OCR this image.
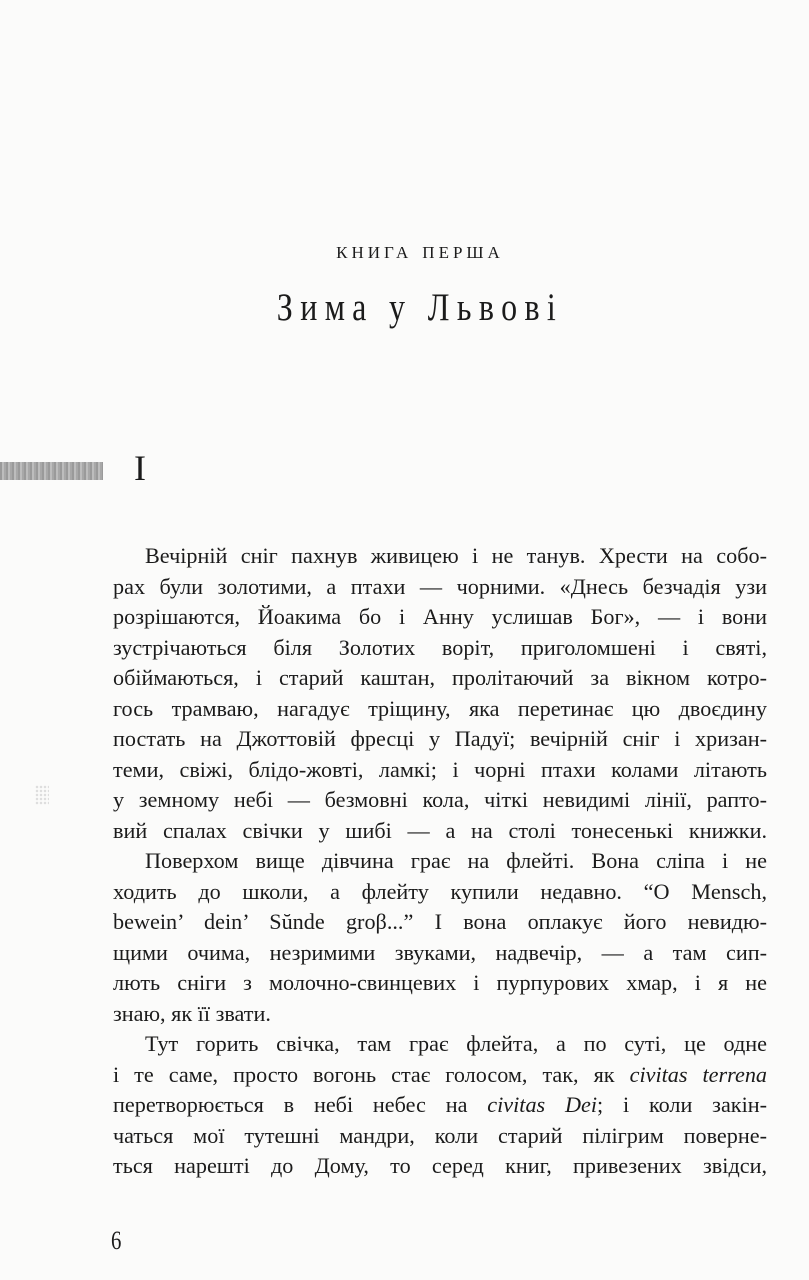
книга перша
Зима у Львові
І

Вечірній сніг пахнув живицею і не танув. Хрести на собо-
рах були золотими, а птахи — чорними. «Днесь безчадія узи
розрішаются, Йоакима бо і Анну услишав Бог», — і вони
зустрічаються біля Золотих воріт, приголомшені і святі,
обіймаються, і старий каштан, пролітаючий за вікном котро-
гось трамваю, нагадує тріщину, яка перетинає цю двоєдину
постать на Джоттовій фресці у Падуї; вечірній сніг і хризан-
теми, свіжі, блідо-жовті, ламкі; і чорні птахи колами літають
у земному небі — безмовні кола, чіткі невидимі лінії, рапто-
вий спалах свічки у шибі — а на столі тонесенькі книжки.

Поверхом вище дівчина грає на флейті. Вона сліпа і не
ходить до школи, а флейту купили недавно. “O Mensch,
bewein’ dein’ Sŭnde groβ...” І вона оплакує його невидю-
щими очима, незримими звуками, надвечір, — а там сип-
лють сніги з молочно-свинцевих і пурпурових хмар, і я не
знаю, як її звати.

Тут горить свічка, там грає флейта, а по суті, це одне
і те саме, просто вогонь стає голосом, так, як civitas terrena
перетворюється в небі небес на civitas Dei; і коли закін-
чаться мої тутешні мандри, коли старий пілігрим поверне-
ться нарешті до Дому, то серед книг, привезених звідси,

6
